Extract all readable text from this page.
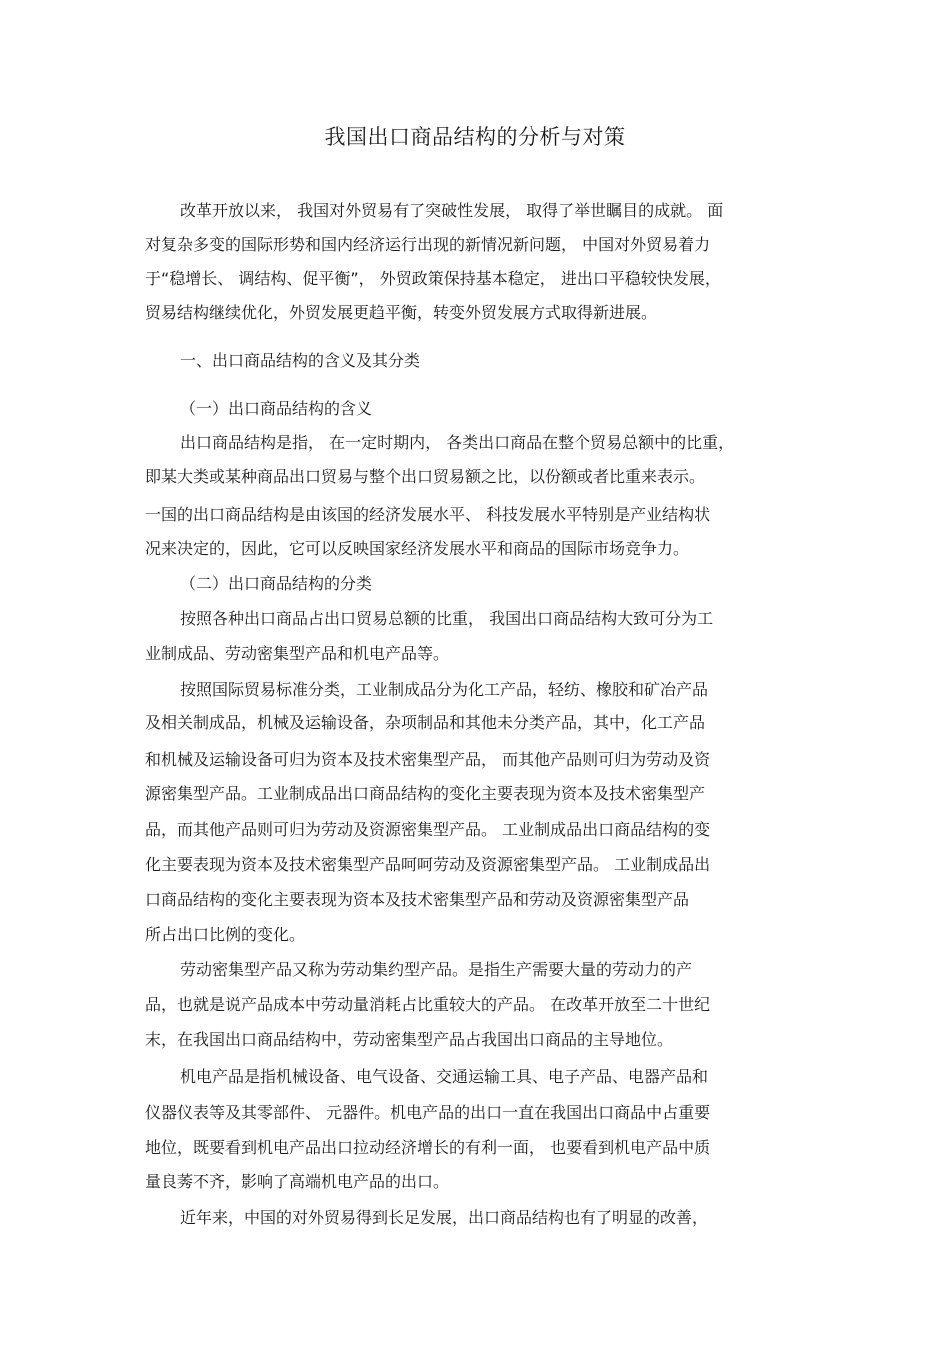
我国出口商品结构的分析与对策
改革开放以来， 我国对外贸易有了突破性发展， 取得了举世瞩目的成就。 面
对复杂多变的国际形势和国内经济运行出现的新情况新问题， 中国对外贸易着力
于“稳增长、 调结构、促平衡”， 外贸政策保持基本稳定， 进出口平稳较快发展，
贸易结构继续优化，外贸发展更趋平衡，转变外贸发展方式取得新进展。
一、出口商品结构的含义及其分类
（一）出口商品结构的含义
出口商品结构是指， 在一定时期内， 各类出口商品在整个贸易总额中的比重，
即某大类或某种商品出口贸易与整个出口贸易额之比，以份额或者比重来表示。
一国的出口商品结构是由该国的经济发展水平、 科技发展水平特别是产业结构状
况来决定的，因此，它可以反映国家经济发展水平和商品的国际市场竞争力。
（二）出口商品结构的分类
按照各种出口商品占出口贸易总额的比重， 我国出口商品结构大致可分为工
业制成品、劳动密集型产品和机电产品等。
按照国际贸易标准分类，工业制成品分为化工产品，轻纺、橡胶和矿冶产品
及相关制成品，机械及运输设备，杂项制品和其他未分类产品，其中，化工产品
和机械及运输设备可归为资本及技术密集型产品， 而其他产品则可归为劳动及资
源密集型产品。工业制成品出口商品结构的变化主要表现为资本及技术密集型产
品，而其他产品则可归为劳动及资源密集型产品。 工业制成品出口商品结构的变
化主要表现为资本及技术密集型产品呵呵劳动及资源密集型产品。 工业制成品出
口商品结构的变化主要表现为资本及技术密集型产品和劳动及资源密集型产品
所占出口比例的变化。
劳动密集型产品又称为劳动集约型产品。是指生产需要大量的劳动力的产
品，也就是说产品成本中劳动量消耗占比重较大的产品。 在改革开放至二十世纪
末，在我国出口商品结构中，劳动密集型产品占我国出口商品的主导地位。
机电产品是指机械设备、电气设备、交通运输工具、电子产品、电器产品和
仪器仪表等及其零部件、 元器件。机电产品的出口一直在我国出口商品中占重要
地位，既要看到机电产品出口拉动经济增长的有利一面， 也要看到机电产品中质
量良莠不齐，影响了高端机电产品的出口。
近年来，中国的对外贸易得到长足发展，出口商品结构也有了明显的改善，
